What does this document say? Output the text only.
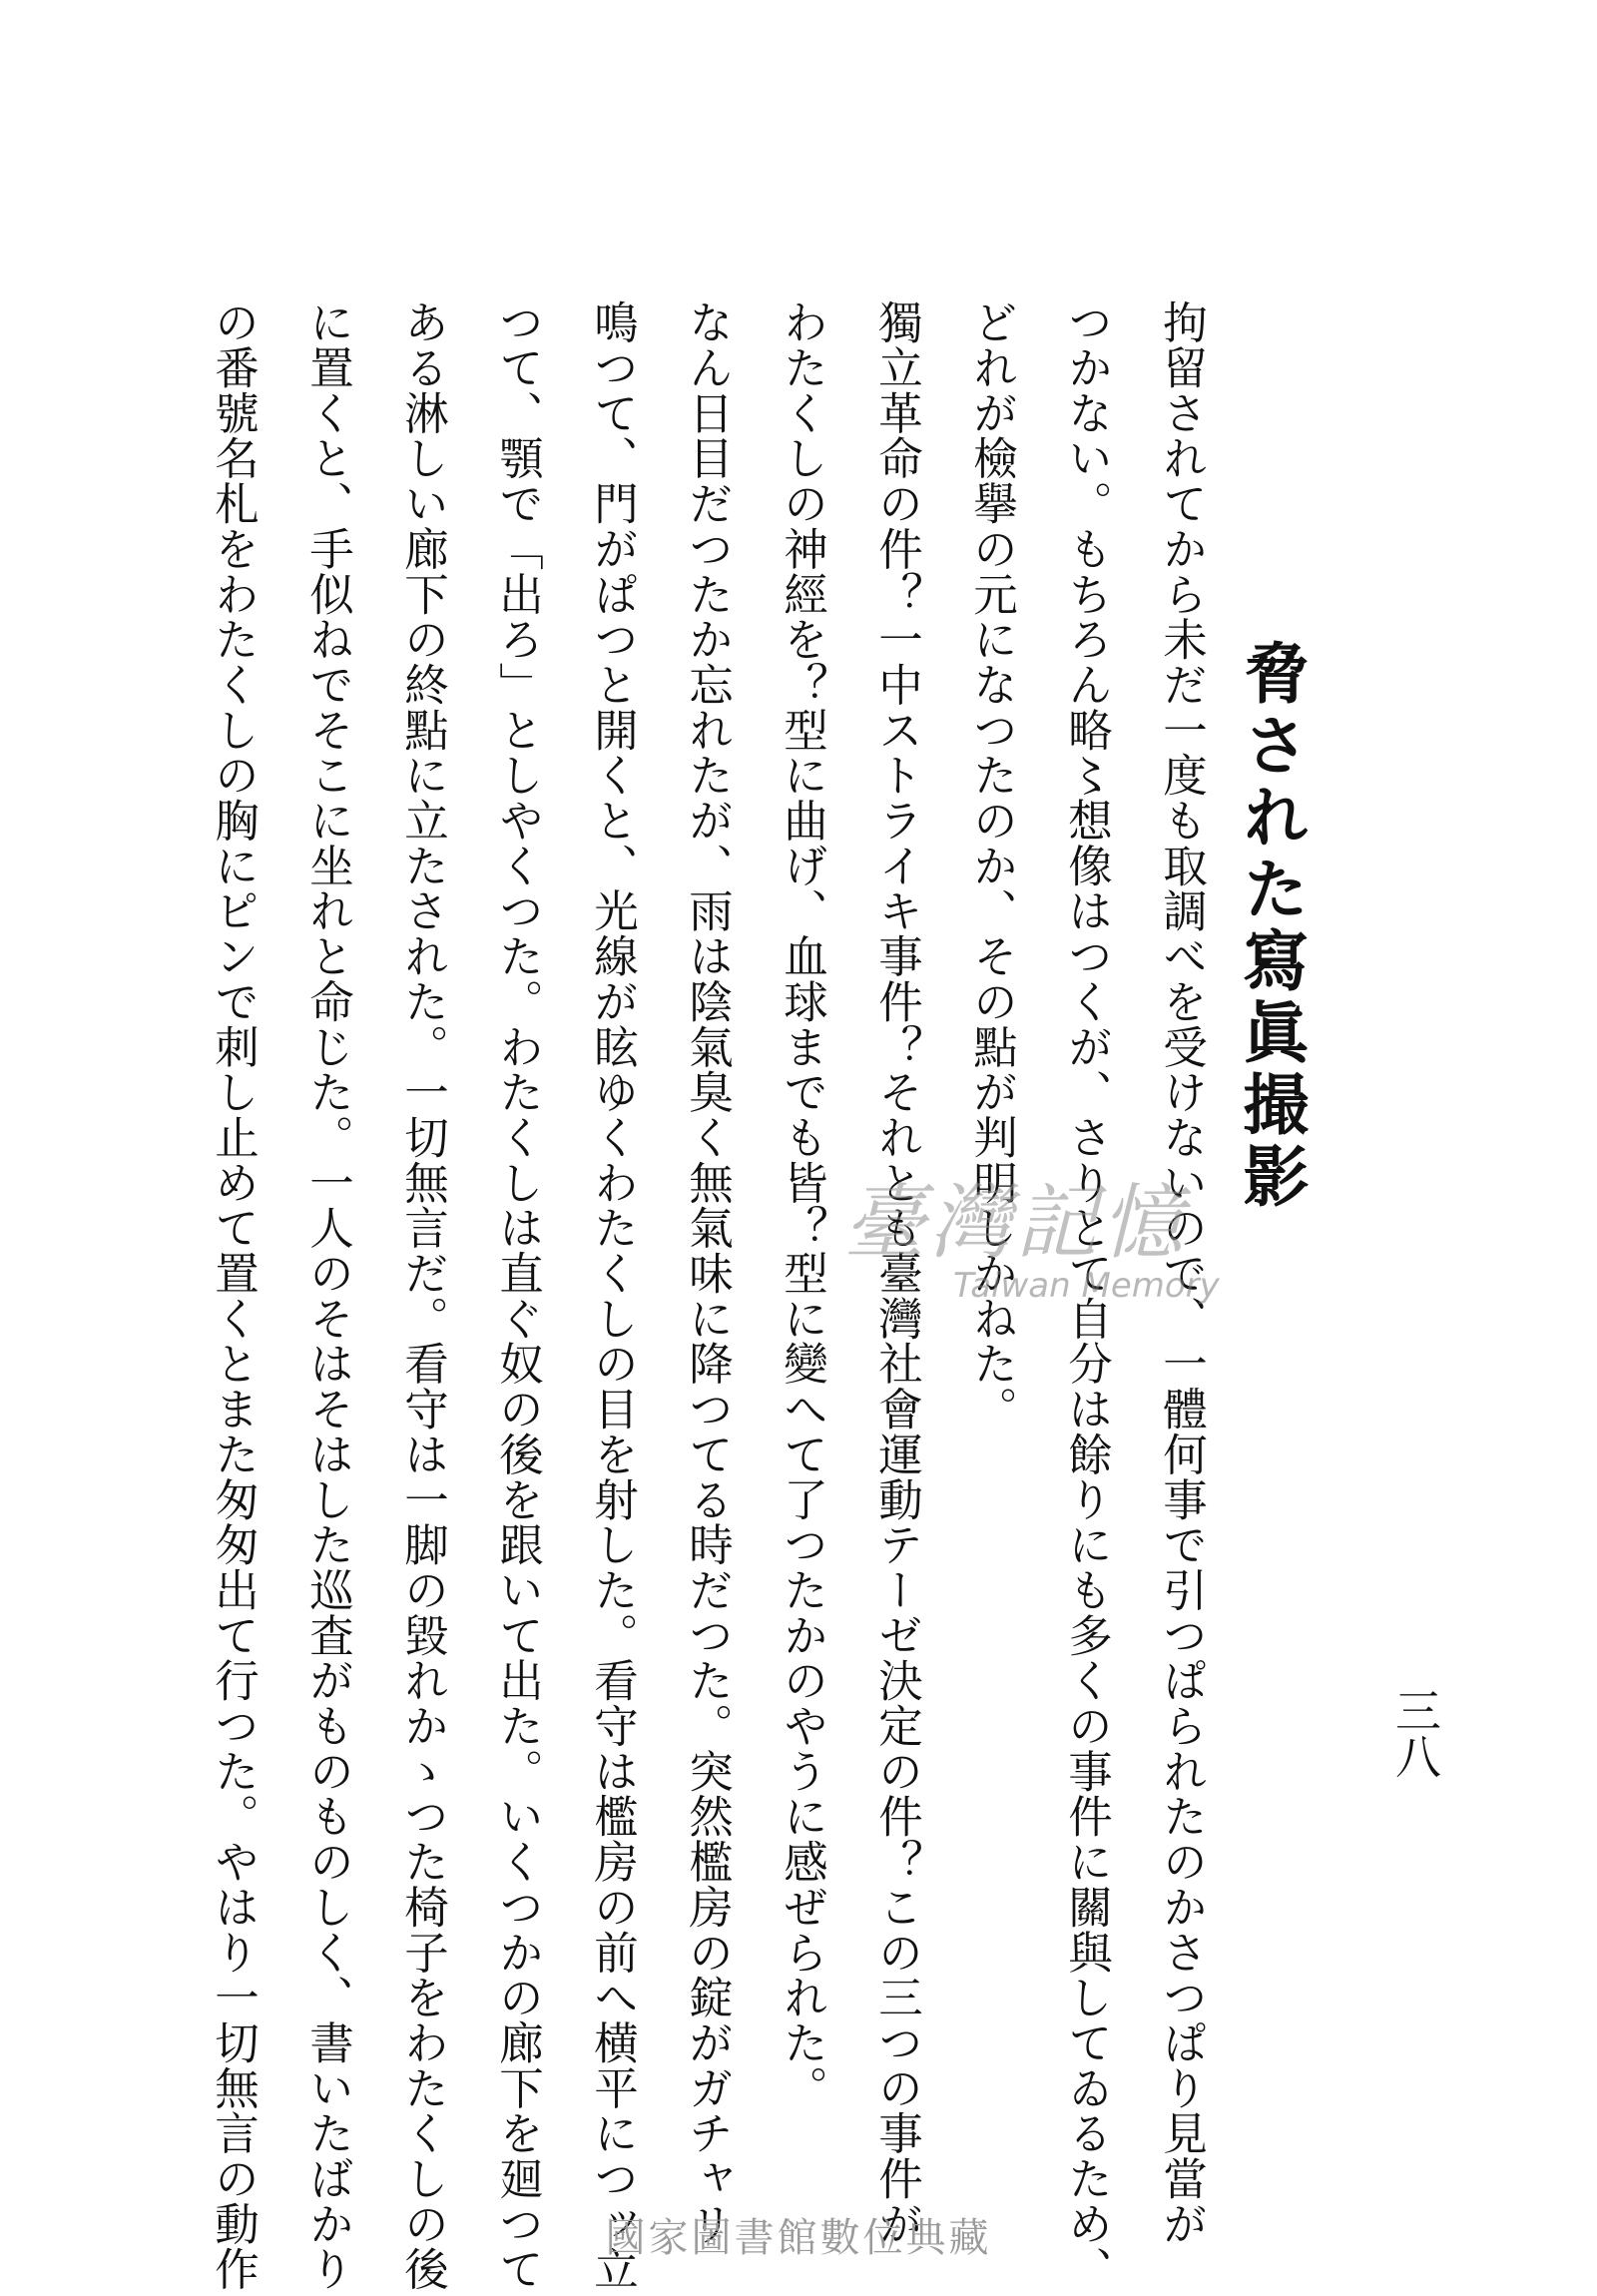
脅された寫眞撮影
三八
拘留されてから未だ一度も取調べを受けないので、一體何事で引つぱられたのかさつぱり見當が
つかない。もちろん略〻想像はつくが、さりとて自分は餘りにも多くの事件に關與してゐるため、
どれが檢擧の元になつたのか、その點が判明しかねた。
獨立革命の件？一中ストライキ事件？それとも臺灣社會運動テーゼ決定の件？この三つの事件が
わたくしの神經を？型に曲げ、血球までも皆？型に變へて了つたかのやうに感ぜられた。
なん日目だつたか忘れたが、雨は陰氣臭く無氣味に降つてる時だつた。突然檻房の錠がガチャリ
鳴つて、門がぱつと開くと、光線が眩ゆくわたくしの目を射した。看守は檻房の前へ横平につッ立
つて、顎で「出ろ」としやくつた。わたくしは直ぐ奴の後を跟いて出た。いくつかの廊下を廻つて
ある淋しい廊下の終點に立たされた。一切無言だ。看守は一脚の毀れかゝつた椅子をわたくしの後
に置くと、手似ねでそこに坐れと命じた。一人のそはそはした巡査がものものしく、書いたばかり
の番號名札をわたくしの胸にピンで刺し止めて置くとまた匆匆出て行つた。やはり一切無言の動作	臺灣記憶
Taiwan Memory
國家圖書館數位典藏
